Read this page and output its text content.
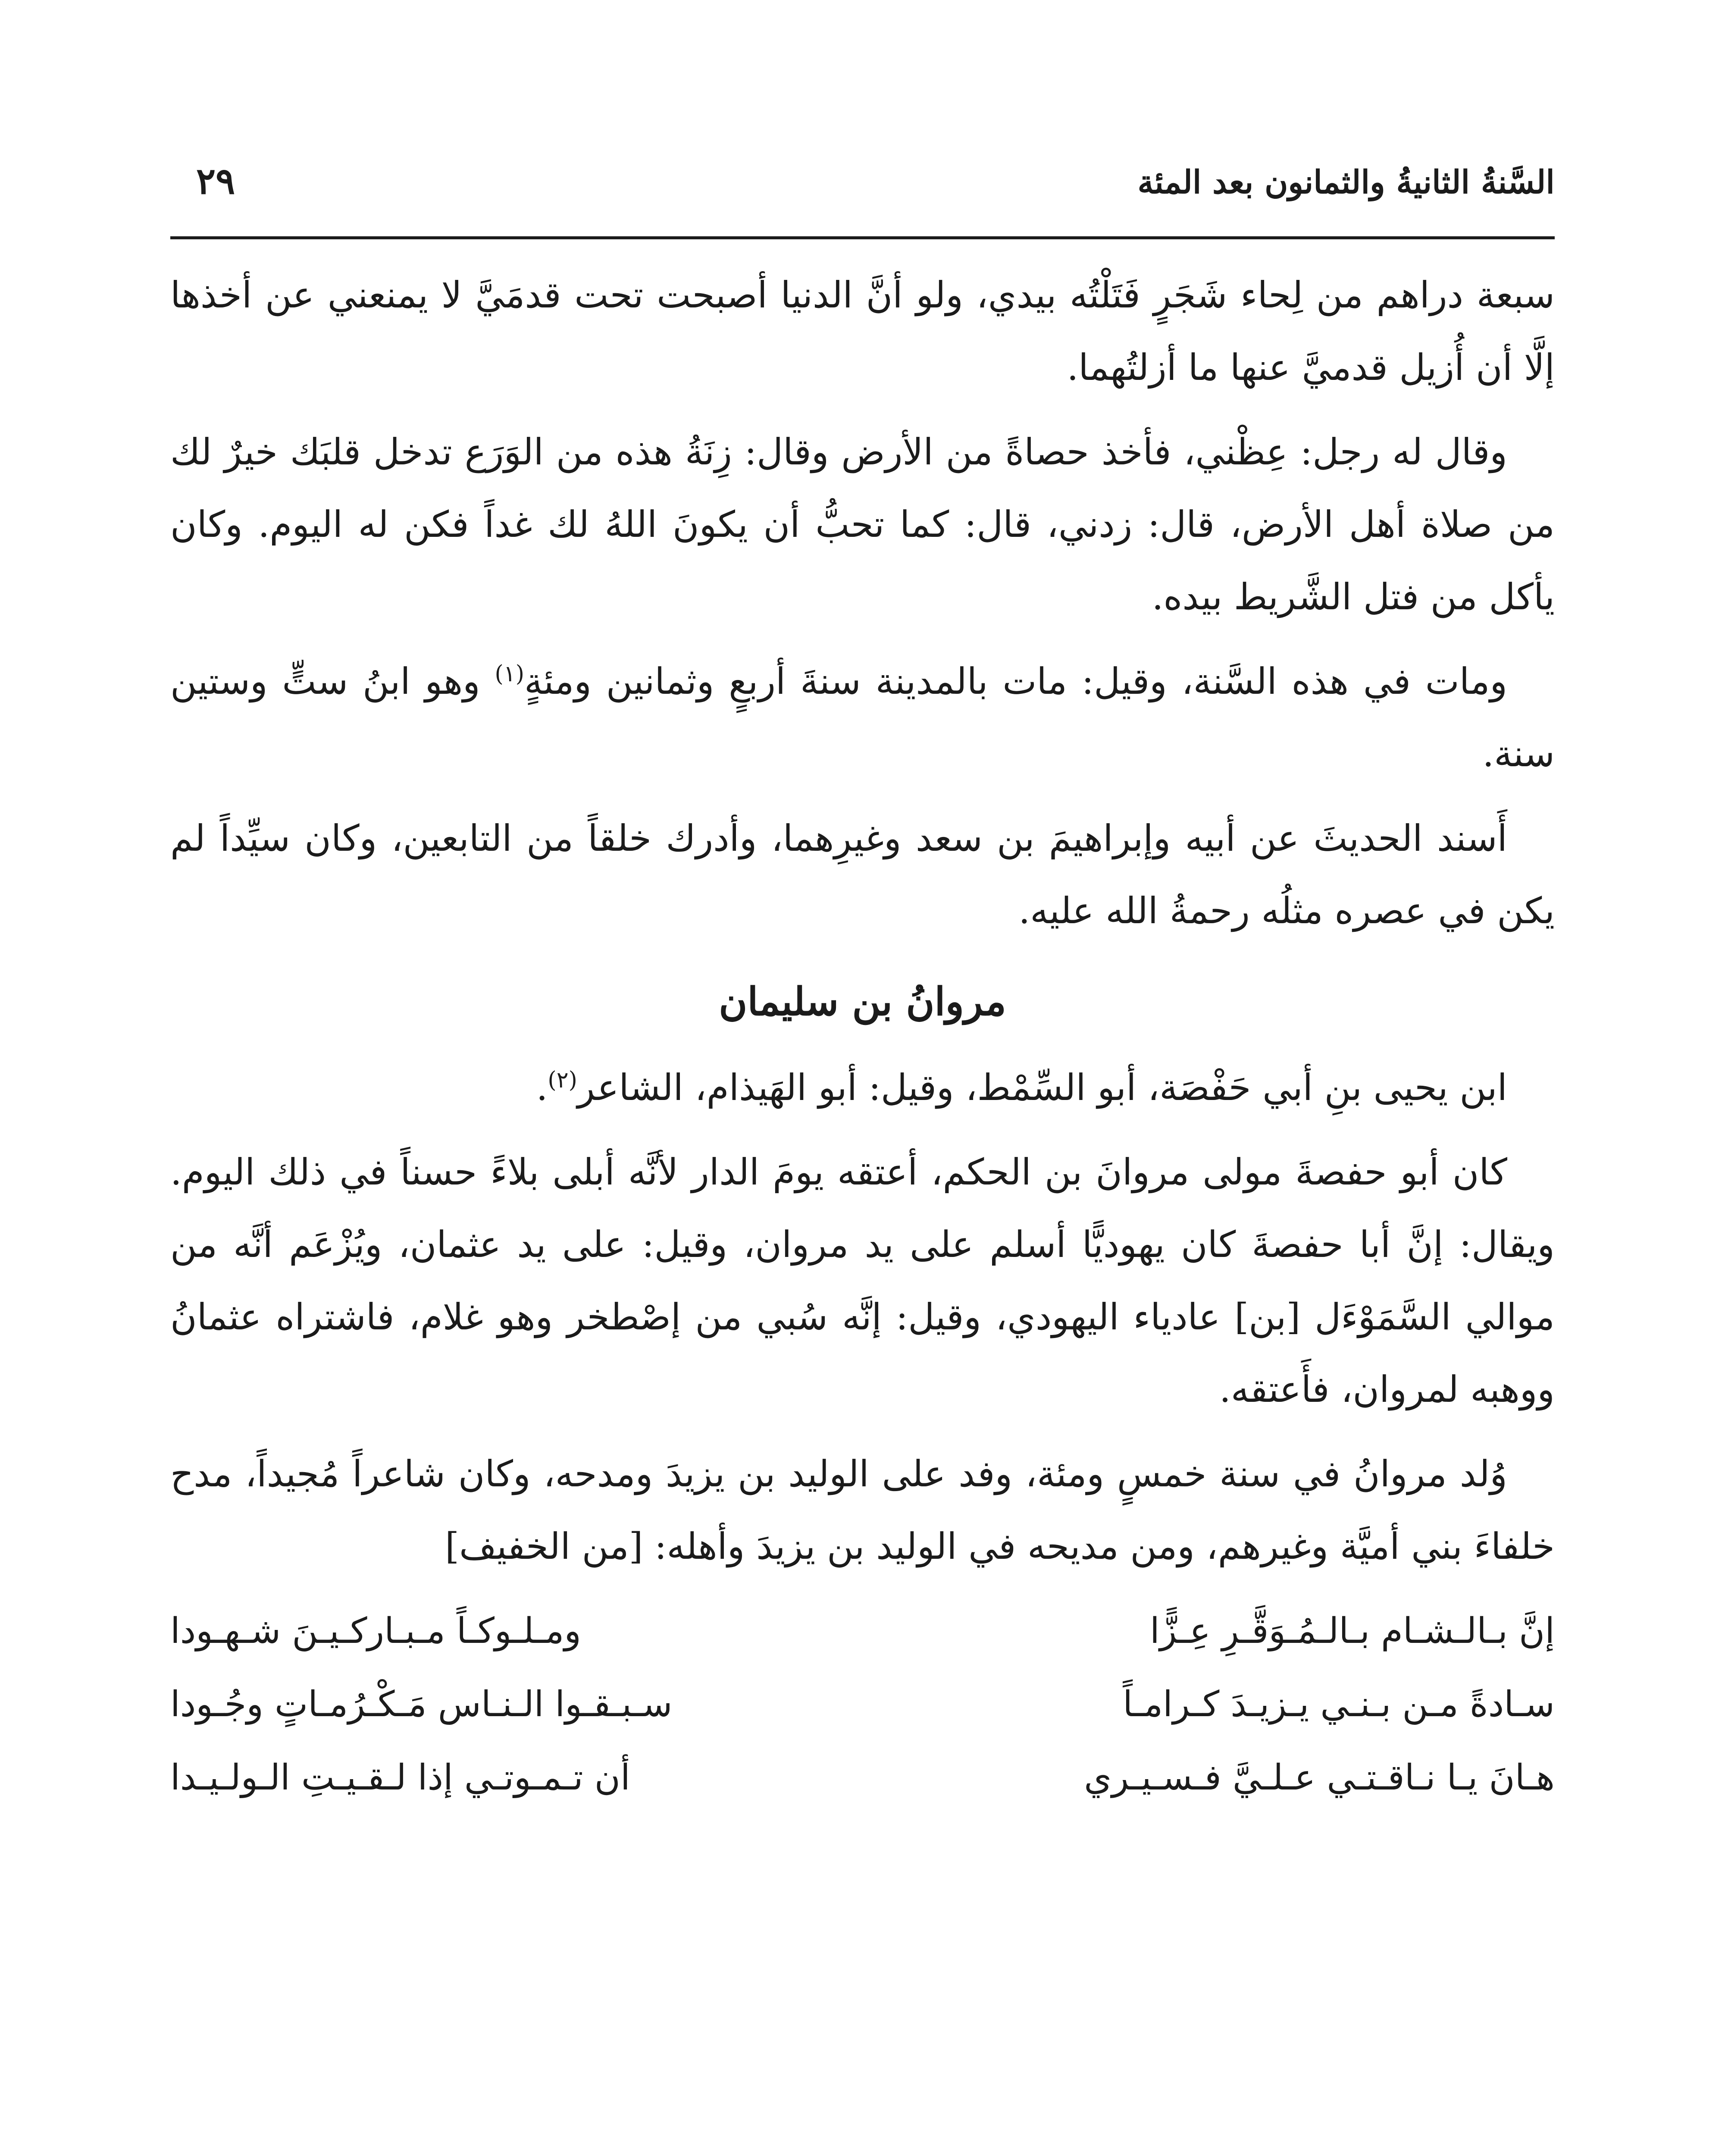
السَّنةُ الثانيةُ والثمانون بعد المئة
٢٩

سبعة دراهم من لِحاء شَجَرٍ فَتَلْتُه بيدي، ولو أنَّ الدنيا أصبحت تحت قدمَيَّ لا يمنعني عن أخذها إلَّا أن أُزيل قدميَّ عنها ما أزلتُهما.

وقال له رجل: عِظْني، فأخذ حصاةً من الأرض وقال: زِنَةُ هذه من الوَرَع تدخل قلبَك خيرٌ لك من صلاة أهل الأرض، قال: زدني، قال: كما تحبُّ أن يكونَ اللهُ لك غداً فكن له اليوم. وكان يأكل من فتل الشَّريط بيده.

ومات في هذه السَّنة، وقيل: مات بالمدينة سنةَ أربعٍ وثمانين ومئةٍ$^{(١)}$ وهو ابنُ ستٍّ وستين سنة.

أَسند الحديثَ عن أبيه وإبراهيمَ بن سعد وغيرِهما، وأدرك خلقاً من التابعين، وكان سيِّداً لم يكن في عصره مثلُه رحمةُ الله عليه.

مروانُ بن سليمان

ابن يحيى بنِ أبي حَفْصَة، أبو السِّمْط، وقيل: أبو الهَيذام، الشاعر$^{(٢)}$.

كان أبو حفصةَ مولى مروانَ بن الحكم، أعتقه يومَ الدار لأنَّه أبلى بلاءً حسناً في ذلك اليوم. ويقال: إنَّ أبا حفصةَ كان يهوديًّا أسلم على يد مروان، وقيل: على يد عثمان، ويُزْعَم أنَّه من موالي السَّمَوْءَل [بن] عادياء اليهودي، وقيل: إنَّه سُبي من إصْطخر وهو غلام، فاشتراه عثمانُ ووهبه لمروان، فأَعتقه.

وُلد مروانُ في سنة خمسٍ ومئة، وفد على الوليد بن يزيدَ ومدحه، وكان شاعراً مُجيداً، مدح خلفاءَ بني أميَّة وغيرهم، ومن مديحه في الوليد بن يزيدَ وأهله: [من الخفيف]

إنَّ بـالـشـام بـالـمُـوَقَّـرِ عِـزًّا
ومـلـوكـاً مـبـاركـيـنَ شـهـودا
سـادةً مـن بـنـي يـزيـدَ كـرامـاً
سـبـقـوا الـنـاس مَـكْـرُمـاتٍ وجُـودا
هـانَ يـا نـاقـتـي عـلـيَّ فـسـيـري
أن تـمـوتـي إذا لـقـيـتِ الـولـيـدا
